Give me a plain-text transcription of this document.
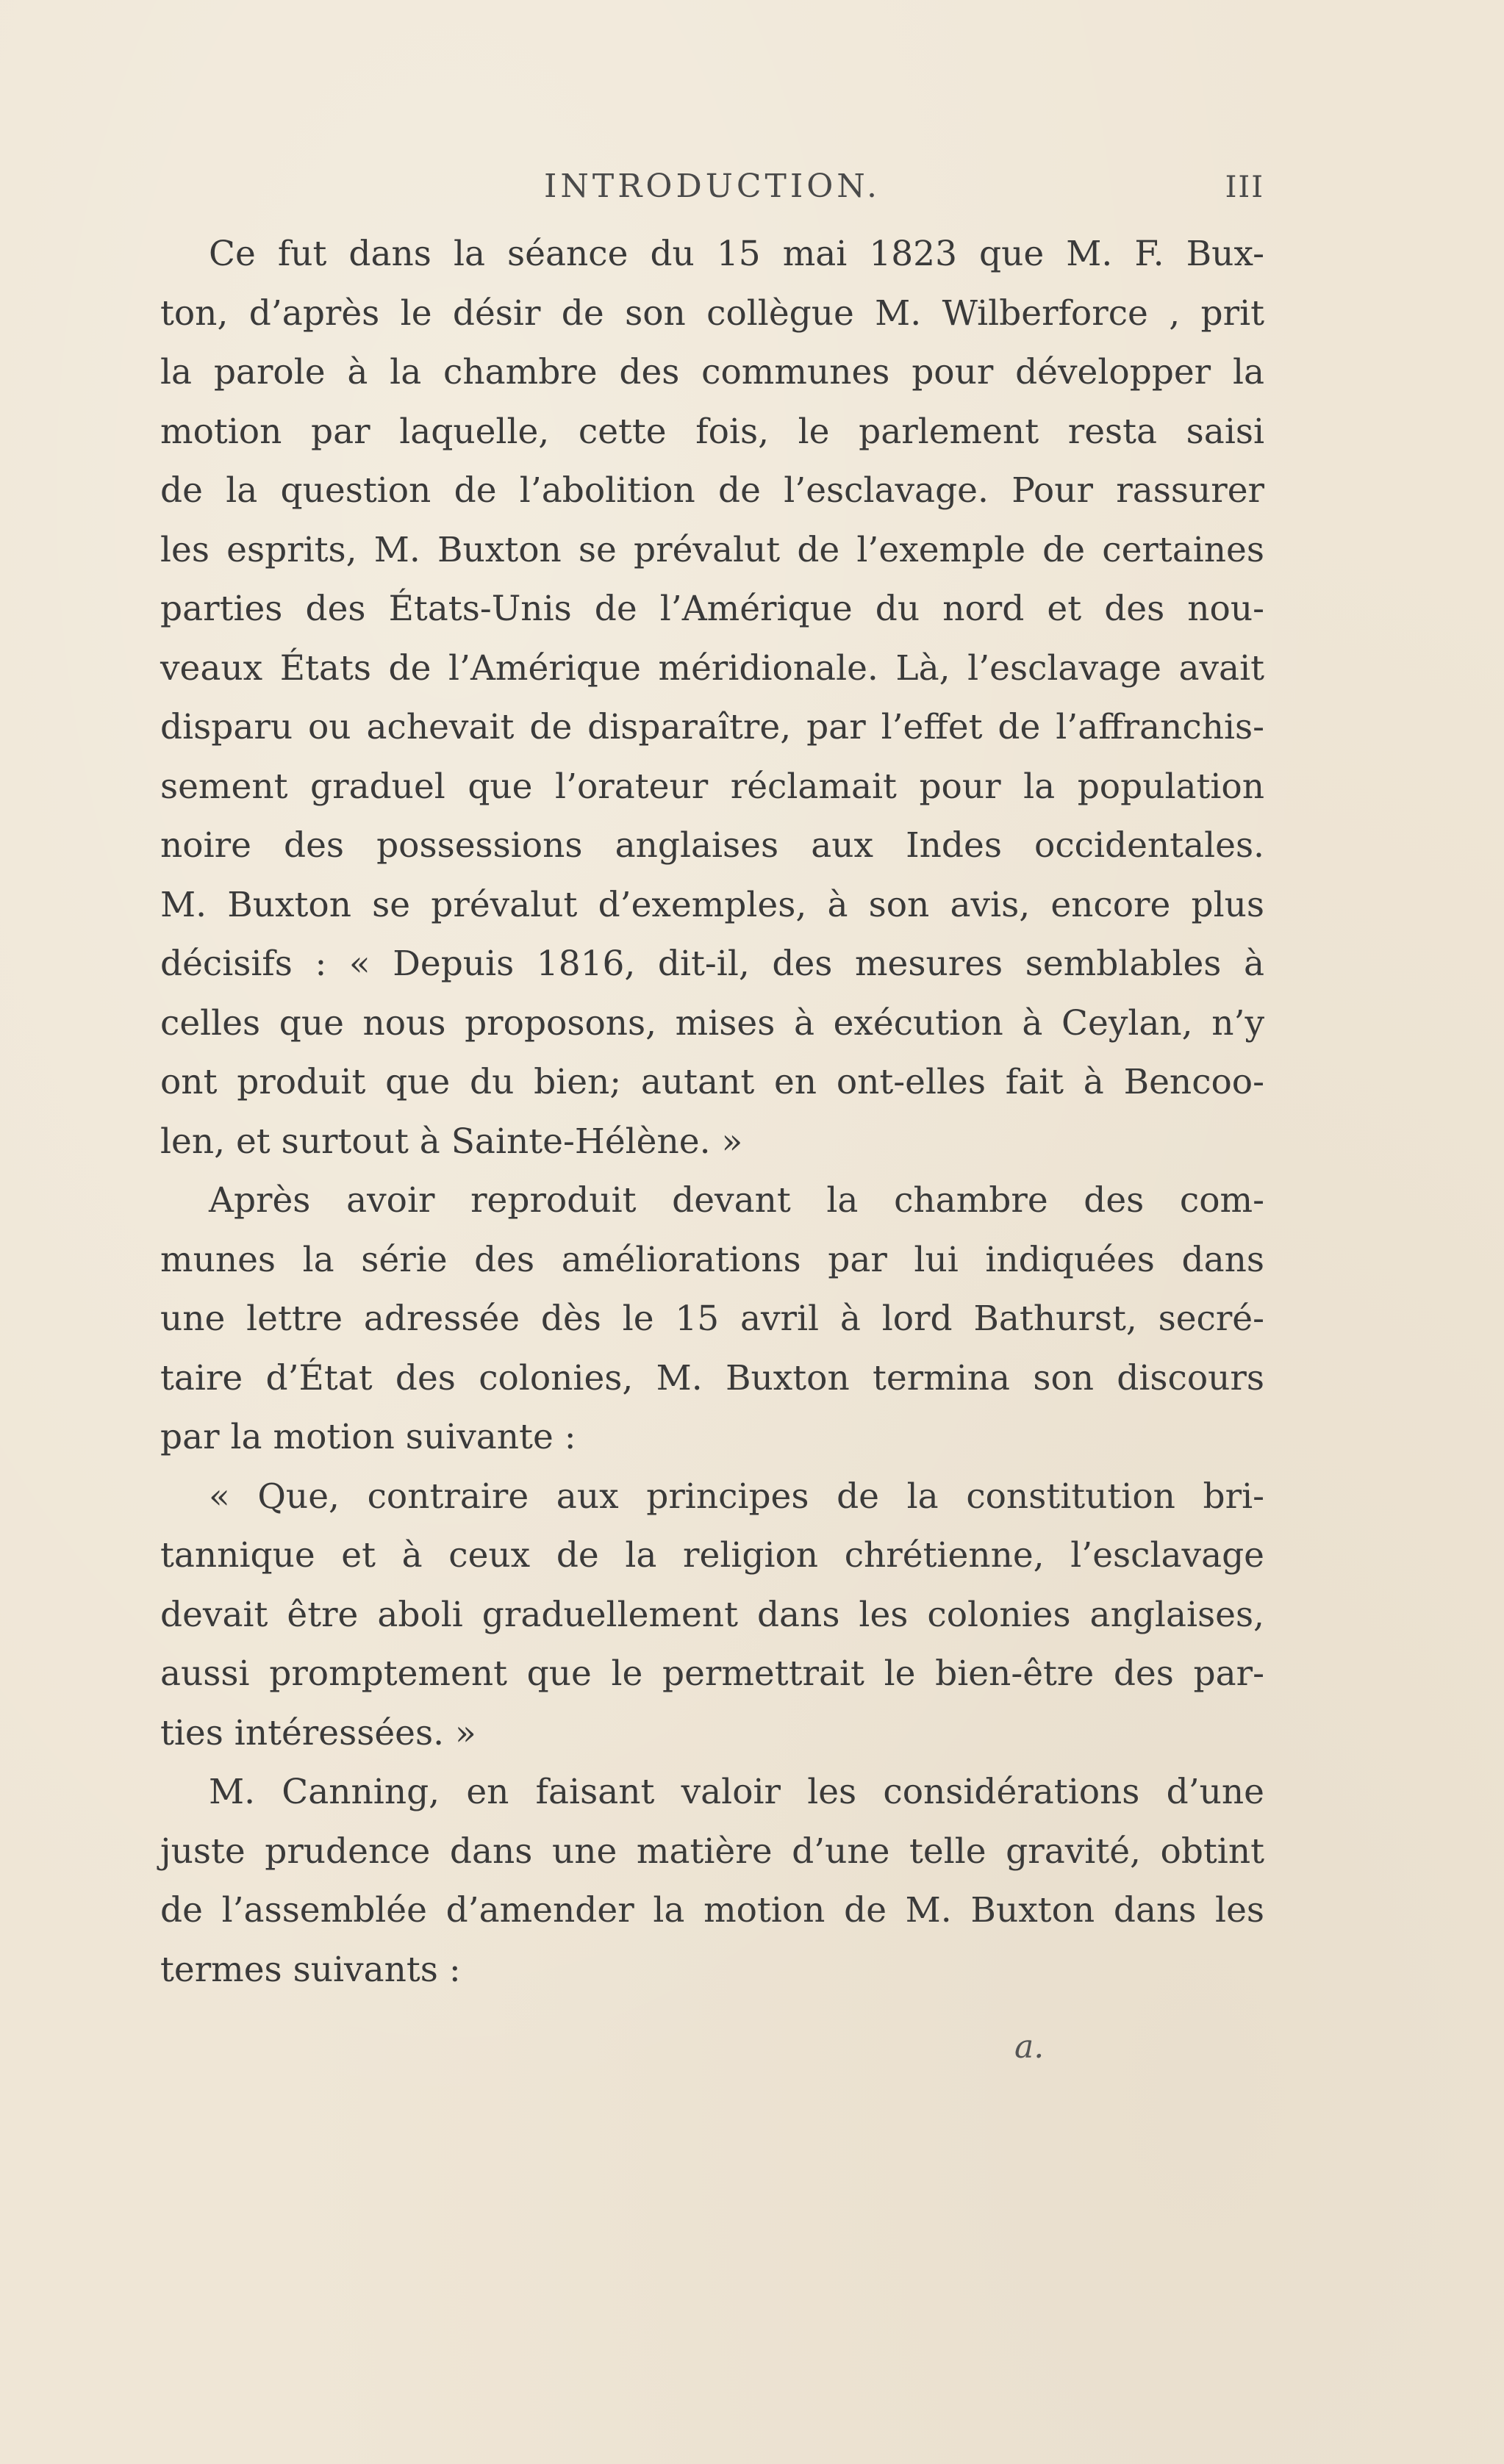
INTRODUCTION.	III
Ce fut dans la séance du 15 mai 1823 que M. F. Bux-
ton, d’après le désir de son collègue M. Wilberforce , prit
la parole à la chambre des communes pour développer la
motion par laquelle, cette fois, le parlement resta saisi
de la question de l’abolition de l’esclavage. Pour rassurer
les esprits, M. Buxton se prévalut de l’exemple de certaines
parties des États-Unis de l’Amérique du nord et des nou-
veaux États de l’Amérique méridionale. Là, l’esclavage avait
disparu ou achevait de disparaître, par l’effet de l’affranchis-
sement graduel que l’orateur réclamait pour la population
noire des possessions anglaises aux Indes occidentales.
M. Buxton se prévalut d’exemples, à son avis, encore plus
décisifs : « Depuis 1816, dit-il, des mesures semblables à
celles que nous proposons, mises à exécution à Ceylan, n’y
ont produit que du bien; autant en ont-elles fait à Bencoo-
len, et surtout à Sainte-Hélène. »
Après avoir reproduit devant la chambre des com-
munes la série des améliorations par lui indiquées dans
une lettre adressée dès le 15 avril à lord Bathurst, secré-
taire d’État des colonies, M. Buxton termina son discours
par la motion suivante :
« Que, contraire aux principes de la constitution bri-
tannique et à ceux de la religion chrétienne, l’esclavage
devait être aboli graduellement dans les colonies anglaises,
aussi promptement que le permettrait le bien-être des par-
ties intéressées. »
M. Canning, en faisant valoir les considérations d’une
juste prudence dans une matière d’une telle gravité, obtint
de l’assemblée d’amender la motion de M. Buxton dans les
termes suivants :
a.
